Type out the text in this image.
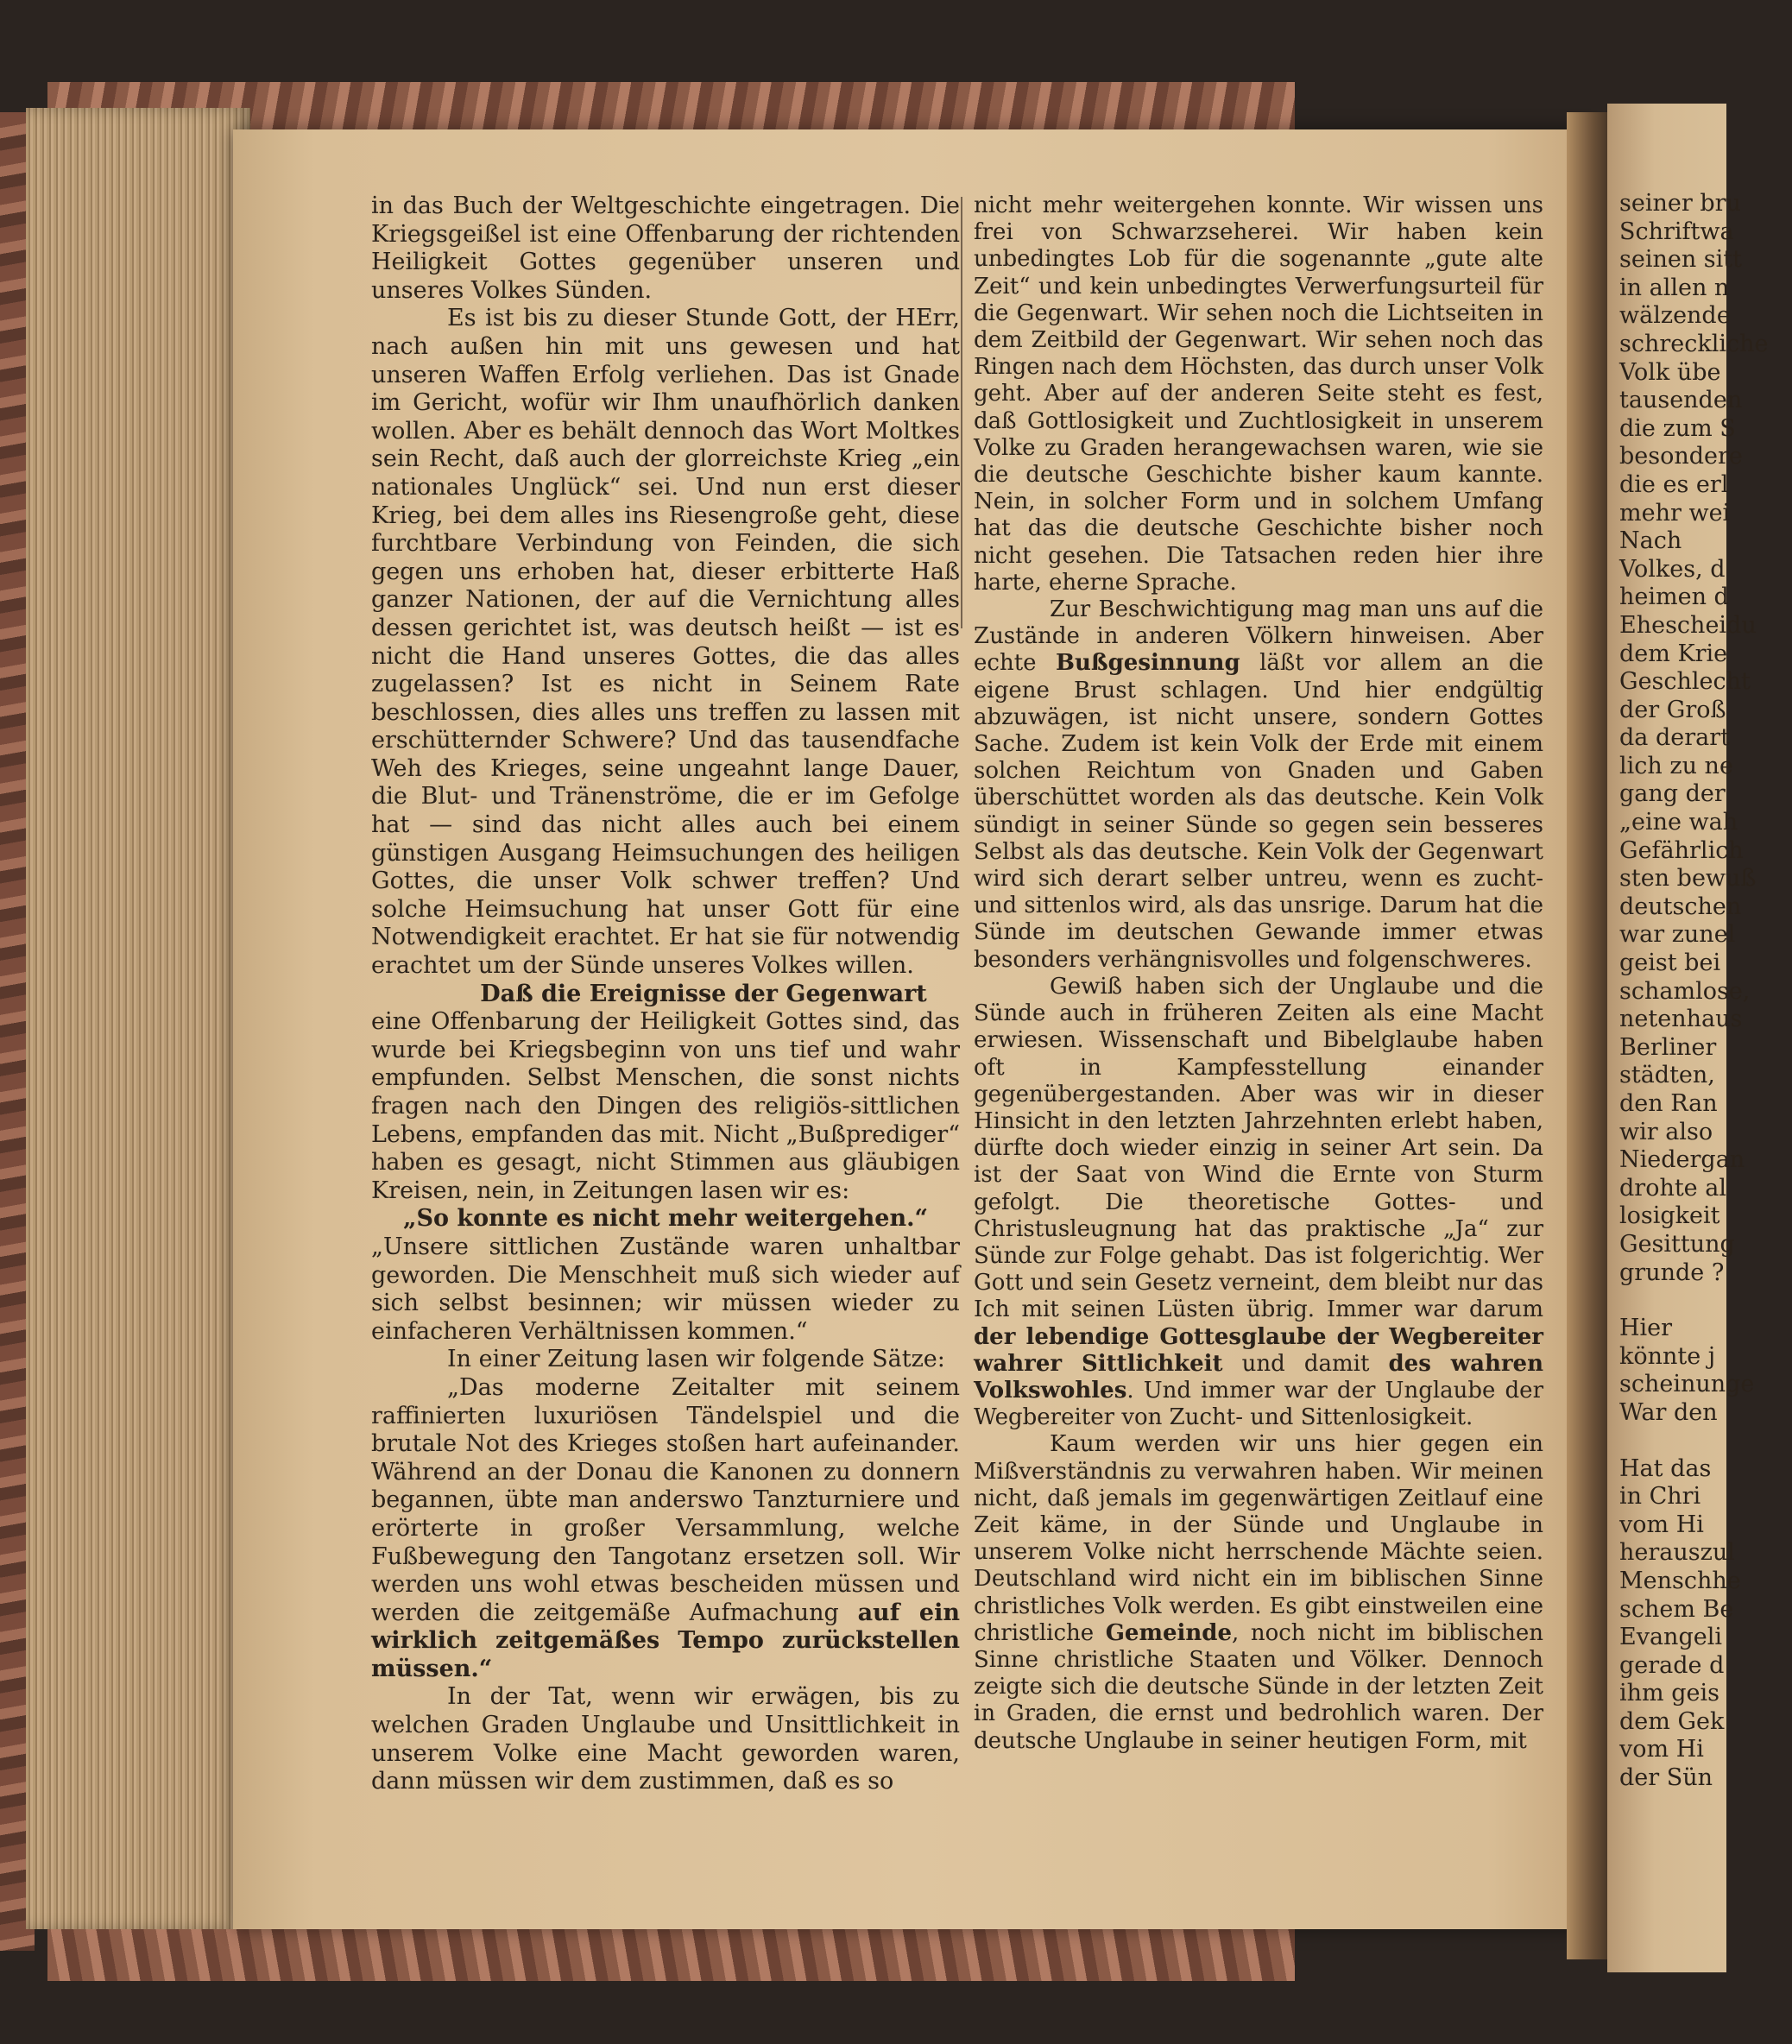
seiner bru
Schriftwa
seinen sitt
in allen n
wälzende
schreckliche
Volk übe
tausenden
die zum S
besondere
die es erl
mehr wei
Nach
Volkes, d
heimen d
Ehescheidu
dem Krie
Geschlecht
der Groß
da derart
lich zu ne
gang der
„eine wah
Gefährlich
sten bewuß
deutschen
war zunel
geist bei
schamlose,
netenhaus
Berliner
städten,
den Ran
wir also
Niedergan
drohte al
losigkeit
Gesittung
grunde ?
Hier
könnte j
scheinunge
War den
Hat das
in Chri
vom Hi
herauszul
Menschhe
schem Be
Evangeli
gerade d
ihm geis
dem Gek
vom Hi
der Sün

in das Buch der Weltgeschichte eingetragen. Die Kriegsgeißel ist eine Offenbarung der richtenden Heiligkeit Gottes gegenüber unseren und unseres Volkes Sünden.

Es ist bis zu dieser Stunde Gott, der HErr, nach außen hin mit uns gewesen und hat unseren Waffen Erfolg verliehen. Das ist Gnade im Gericht, wofür wir Ihm unaufhörlich danken wollen. Aber es behält dennoch das Wort Moltkes sein Recht, daß auch der glorreichste Krieg „ein nationales Unglück“ sei. Und nun erst dieser Krieg, bei dem alles ins Riesengroße geht, diese furchtbare Verbindung von Feinden, die sich gegen uns erhoben hat, dieser erbitterte Haß ganzer Nationen, der auf die Vernichtung alles dessen gerichtet ist, was deutsch heißt — ist es nicht die Hand unseres Gottes, die das alles zugelassen? Ist es nicht in Seinem Rate beschlossen, dies alles uns treffen zu lassen mit erschütternder Schwere? Und das tausendfache Weh des Krieges, seine ungeahnt lange Dauer, die Blut- und Tränenströme, die er im Gefolge hat — sind das nicht alles auch bei einem günstigen Ausgang Heimsuchungen des heiligen Gottes, die unser Volk schwer treffen? Und solche Heimsuchung hat unser Gott für eine Notwendigkeit erachtet. Er hat sie für notwendig erachtet um der Sünde unseres Volkes willen.

Daß die Ereignisse der Gegenwart

eine Offenbarung der Heiligkeit Gottes sind, das wurde bei Kriegsbeginn von uns tief und wahr empfunden. Selbst Menschen, die sonst nichts fragen nach den Dingen des religiös-sittlichen Lebens, empfanden das mit. Nicht „Bußprediger“ haben es gesagt, nicht Stimmen aus gläubigen Kreisen, nein, in Zeitungen lasen wir es:

„So konnte es nicht mehr weitergehen.“

„Unsere sittlichen Zustände waren unhaltbar geworden. Die Menschheit muß sich wieder auf sich selbst besinnen; wir müssen wieder zu einfacheren Verhältnissen kommen.“

In einer Zeitung lasen wir folgende Sätze:

„Das moderne Zeitalter mit seinem raffinierten luxuriösen Tändelspiel und die brutale Not des Krieges stoßen hart aufeinander. Während an der Donau die Kanonen zu donnern begannen, übte man anderswo Tanzturniere und erörterte in großer Versammlung, welche Fußbewegung den Tangotanz ersetzen soll. Wir werden uns wohl etwas bescheiden müssen und werden die zeitgemäße Aufmachung auf ein wirklich zeitgemäßes Tempo zurückstellen müssen.“

In der Tat, wenn wir erwägen, bis zu welchen Graden Unglaube und Unsittlichkeit in unserem Volke eine Macht geworden waren, dann müssen wir dem zustimmen, daß es so

nicht mehr weitergehen konnte. Wir wissen uns frei von Schwarzseherei. Wir haben kein unbedingtes Lob für die sogenannte „gute alte Zeit“ und kein unbedingtes Verwerfungsurteil für die Gegenwart. Wir sehen noch die Lichtseiten in dem Zeitbild der Gegenwart. Wir sehen noch das Ringen nach dem Höchsten, das durch unser Volk geht. Aber auf der anderen Seite steht es fest, daß Gottlosigkeit und Zuchtlosigkeit in unserem Volke zu Graden herangewachsen waren, wie sie die deutsche Geschichte bisher kaum kannte. Nein, in solcher Form und in solchem Umfang hat das die deutsche Geschichte bisher noch nicht gesehen. Die Tatsachen reden hier ihre harte, eherne Sprache.

Zur Beschwichtigung mag man uns auf die Zustände in anderen Völkern hinweisen. Aber echte Bußgesinnung läßt vor allem an die eigene Brust schlagen. Und hier endgültig abzuwägen, ist nicht unsere, sondern Gottes Sache. Zudem ist kein Volk der Erde mit einem solchen Reichtum von Gnaden und Gaben überschüttet worden als das deutsche. Kein Volk sündigt in seiner Sünde so gegen sein besseres Selbst als das deutsche. Kein Volk der Gegenwart wird sich derart selber untreu, wenn es zucht- und sittenlos wird, als das unsrige. Darum hat die Sünde im deutschen Gewande immer etwas besonders verhängnisvolles und folgenschweres.

Gewiß haben sich der Unglaube und die Sünde auch in früheren Zeiten als eine Macht erwiesen. Wissenschaft und Bibelglaube haben oft in Kampfesstellung einander gegenübergestanden. Aber was wir in dieser Hinsicht in den letzten Jahrzehnten erlebt haben, dürfte doch wieder einzig in seiner Art sein. Da ist der Saat von Wind die Ernte von Sturm gefolgt. Die theoretische Gottes- und Christusleugnung hat das praktische „Ja“ zur Sünde zur Folge gehabt. Das ist folgerichtig. Wer Gott und sein Gesetz verneint, dem bleibt nur das Ich mit seinen Lüsten übrig. Immer war darum der lebendige Gottesglaube der Wegbereiter wahrer Sittlichkeit und damit des wahren Volkswohles. Und immer war der Unglaube der Wegbereiter von Zucht- und Sittenlosigkeit.

Kaum werden wir uns hier gegen ein Mißverständnis zu verwahren haben. Wir meinen nicht, daß jemals im gegenwärtigen Zeitlauf eine Zeit käme, in der Sünde und Unglaube in unserem Volke nicht herrschende Mächte seien. Deutschland wird nicht ein im biblischen Sinne christliches Volk werden. Es gibt einstweilen eine christliche Gemeinde, noch nicht im biblischen Sinne christliche Staaten und Völker. Dennoch zeigte sich die deutsche Sünde in der letzten Zeit in Graden, die ernst und bedrohlich waren. Der deutsche Unglaube in seiner heutigen Form, mit
